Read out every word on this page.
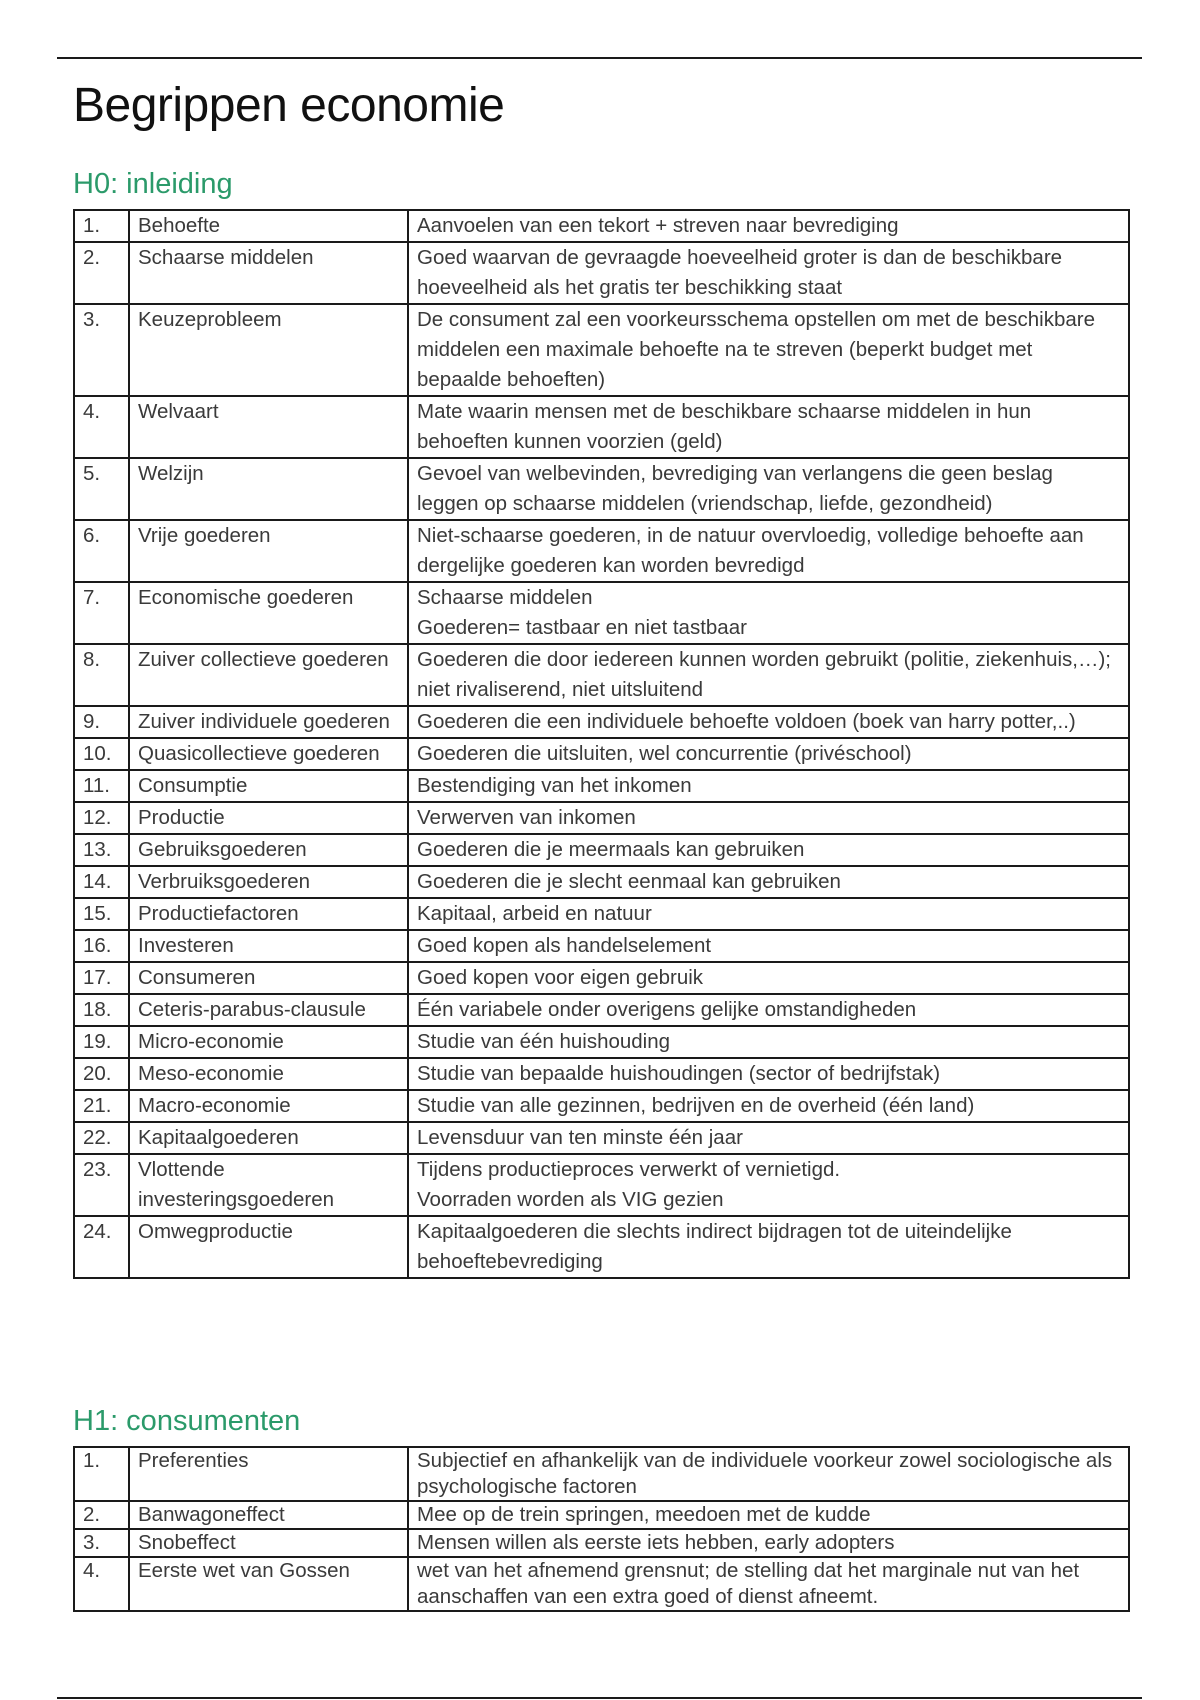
Begrippen economie
H0: inleiding
1.	Behoefte	Aanvoelen van een tekort + streven naar bevrediging

2.	Schaarse middelen	Goed waarvan de gevraagde hoeveelheid groter is dan de beschikbare hoeveelheid als het gratis ter beschikking staat

3.	Keuzeprobleem	De consument zal een voorkeursschema opstellen om met de beschikbare middelen een maximale behoefte na te streven (beperkt budget met bepaalde behoeften)

4.	Welvaart	Mate waarin mensen met de beschikbare schaarse middelen in hun behoeften kunnen voorzien (geld)

5.	Welzijn	Gevoel van welbevinden, bevrediging van verlangens die geen beslag leggen op schaarse middelen (vriendschap, liefde, gezondheid)

6.	Vrije goederen	Niet-schaarse goederen, in de natuur overvloedig, volledige behoefte aan dergelijke goederen kan worden bevredigd

7.	Economische goederen	Schaarse middelen
Goederen= tastbaar en niet tastbaar

8.	Zuiver collectieve goederen	Goederen die door iedereen kunnen worden gebruikt (politie, ziekenhuis,…); niet rivaliserend, niet uitsluitend

9.	Zuiver individuele goederen	Goederen die een individuele behoefte voldoen (boek van harry potter,..)

10.	Quasicollectieve goederen	Goederen die uitsluiten, wel concurrentie (privéschool)

11.	Consumptie	Bestendiging van het inkomen

12.	Productie	Verwerven van inkomen

13.	Gebruiksgoederen	Goederen die je meermaals kan gebruiken

14.	Verbruiksgoederen	Goederen die je slecht eenmaal kan gebruiken

15.	Productiefactoren	Kapitaal, arbeid en natuur

16.	Investeren	Goed kopen als handelselement

17.	Consumeren	Goed kopen voor eigen gebruik

18.	Ceteris-parabus-clausule	Één variabele onder overigens gelijke omstandigheden

19.	Micro-economie	Studie van één huishouding

20.	Meso-economie	Studie van bepaalde huishoudingen (sector of bedrijfstak)

21.	Macro-economie	Studie van alle gezinnen, bedrijven en de overheid (één land)

22.	Kapitaalgoederen	Levensduur van ten minste één jaar

23.	Vlottende investeringsgoederen	Tijdens productieproces verwerkt of vernietigd.
Voorraden worden als VIG gezien

24.	Omwegproductie	Kapitaalgoederen die slechts indirect bijdragen tot de uiteindelijke behoeftebevrediging
H1: consumenten
1.	Preferenties	Subjectief en afhankelijk van de individuele voorkeur zowel sociologische als psychologische factoren

2.	Banwagoneffect	Mee op de trein springen, meedoen met de kudde

3.	Snobeffect	Mensen willen als eerste iets hebben, early adopters

4.	Eerste wet van Gossen	wet van het afnemend grensnut; de stelling dat het marginale nut van het aanschaffen van een extra goed of dienst afneemt.
